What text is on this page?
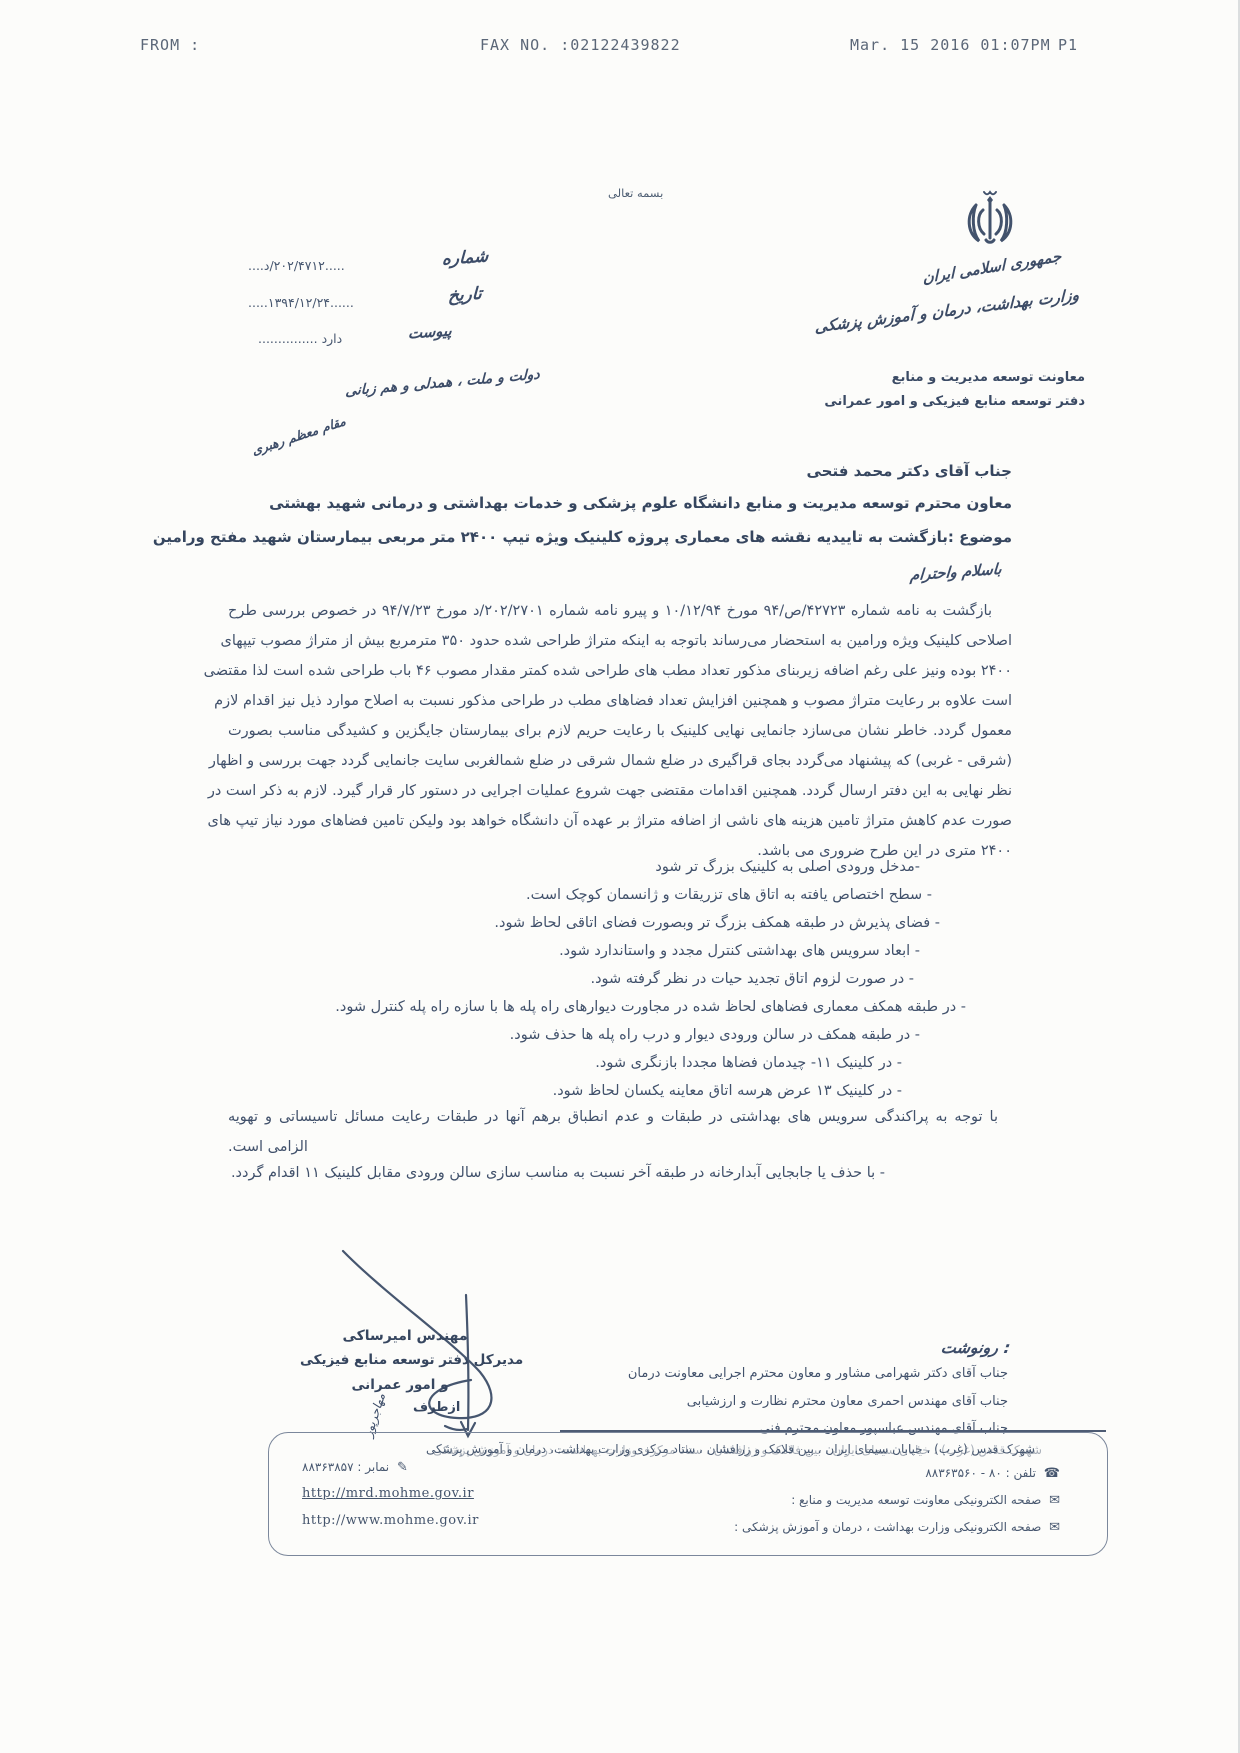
FROM :	FAX NO. :02122439822	Mar. 15 2016 01:07PM P1
بسمه تعالی
جمهوری اسلامی ایران
وزارت بهداشت، درمان و آموزش پزشکی
معاونت توسعه مدیریت و منابع
دفتر توسعه منابع فیزیکی و امور عمرانی
شماره
....د/۲۰۲/۴۷۱۲.....
تاریخ
.....۱۳۹۴/۱۲/۲۴......
پیوست
دارد ...............
دولت و ملت ، همدلی و هم زبانی
مقام معظم رهبری
جناب آقای دکتر محمد فتحی
معاون محترم توسعه مدیریت و منابع دانشگاه علوم پزشکی و خدمات بهداشتی و درمانی شهید بهشتی
موضوع :بازگشت به تاییدیه نقشه های معماری پروژه کلینیک ویژه تیپ ۲۴۰۰ متر مربعی بیمارستان شهید مفتح ورامین
باسلام واحترام
بازگشت به نامه شماره ۴۲۷۲۳/ص/۹۴ مورخ ۱۰/۱۲/۹۴ و پیرو نامه شماره ۲۰۲/۲۷۰۱/د مورخ ۹۴/۷/۲۳ در خصوص بررسی طرح
اصلاحی کلینیک ویژه ورامین به استحضار می‌رساند باتوجه به اینکه متراژ طراحی شده حدود ۳۵۰ مترمربع بیش از متراژ مصوب تیپهای
۲۴۰۰ بوده ونیز علی رغم اضافه زیربنای مذکور تعداد مطب های طراحی شده کمتر مقدار مصوب ۴۶ باب طراحی شده است لذا مقتضی
است علاوه بر رعایت متراژ مصوب و همچنین افزایش تعداد فضاهای مطب در طراحی مذکور نسبت به اصلاح موارد ذیل نیز اقدام لازم
معمول گردد. خاطر نشان می‌سازد جانمایی نهایی کلینیک با رعایت حریم لازم برای بیمارستان جایگزین و کشیدگی مناسب بصورت
(شرقی - غربی) که پیشنهاد می‌گردد بجای قراگیری در ضلع شمال شرقی در ضلع شمالغربی سایت جانمایی گردد جهت بررسی و اظهار
نظر نهایی به این دفتر ارسال گردد. همچنین اقدامات مقتضی جهت شروع عملیات اجرایی در دستور کار قرار گیرد. لازم به ذکر است در
صورت عدم کاهش متراژ تامین هزینه های ناشی از اضافه متراژ بر عهده آن دانشگاه خواهد بود ولیکن تامین فضاهای مورد نیاز تیپ های
۲۴۰۰ متری در این طرح ضروری می باشد.
-مدخل ورودی اصلی به کلینیک بزرگ تر شود
- سطح اختصاص یافته به اتاق های تزریقات و ژانسمان کوچک است.
- فضای پذیرش در طبقه همکف بزرگ تر وبصورت فضای اتاقی لحاظ شود.
- ابعاد سرویس های بهداشتی کنترل مجدد و واستاندارد شود.
- در صورت لزوم اتاق تجدید حیات در نظر گرفته شود.
- در طبقه همکف معماری فضاهای لحاظ شده در مجاورت دیوارهای راه پله ها با سازه راه پله کنترل شود.
- در طبقه همکف در سالن ورودی دیوار و درب راه پله ها حذف شود.
- در کلینیک ۱۱- چیدمان فضاها مجددا بازنگری شود.
- در کلینیک ۱۳ عرض هرسه اتاق معاینه یکسان لحاظ شود.
با توجه به پراکندگی سرویس های بهداشتی در طبقات و عدم انطباق برهم آنها در طبقات رعایت مسائل تاسیساتی و تهویه
الزامی است.
- با حذف یا جابجایی آبدارخانه در طبقه آخر نسبت به مناسب سازی سالن ورودی مقابل کلینیک ۱۱ اقدام گردد.
مهندس امیرساکی
مدیرکل دفتر توسعه منابع فیزیکی
و امور عمرانی
ازطرف
مهاجرپور
رونوشت :
جناب آقای دکتر شهرامی مشاور و معاون محترم اجرایی معاونت درمان
جناب آقای مهندس احمری معاون محترم نظارت و ارزشیابی
جناب آقای مهندس عباسپور معاون محترم فنی
شهرک قدس (غرب) ، خیابان سیمای ایران ، بین فلامک و زرافشان ، ستاد مرکزی وزارت بهداشت، درمان و آموزش پزشکی
☎ تلفن : ۸۰ - ۸۸۳۶۳۵۶۰
✉ صفحه الکترونیکی معاونت توسعه مدیریت و منابع :
✉ صفحه الکترونیکی وزارت بهداشت ، درمان و آموزش پزشکی :
✎ نمابر : ۸۸۳۶۳۸۵۷
http://mrd.mohme.gov.ir
http://www.mohme.gov.ir
